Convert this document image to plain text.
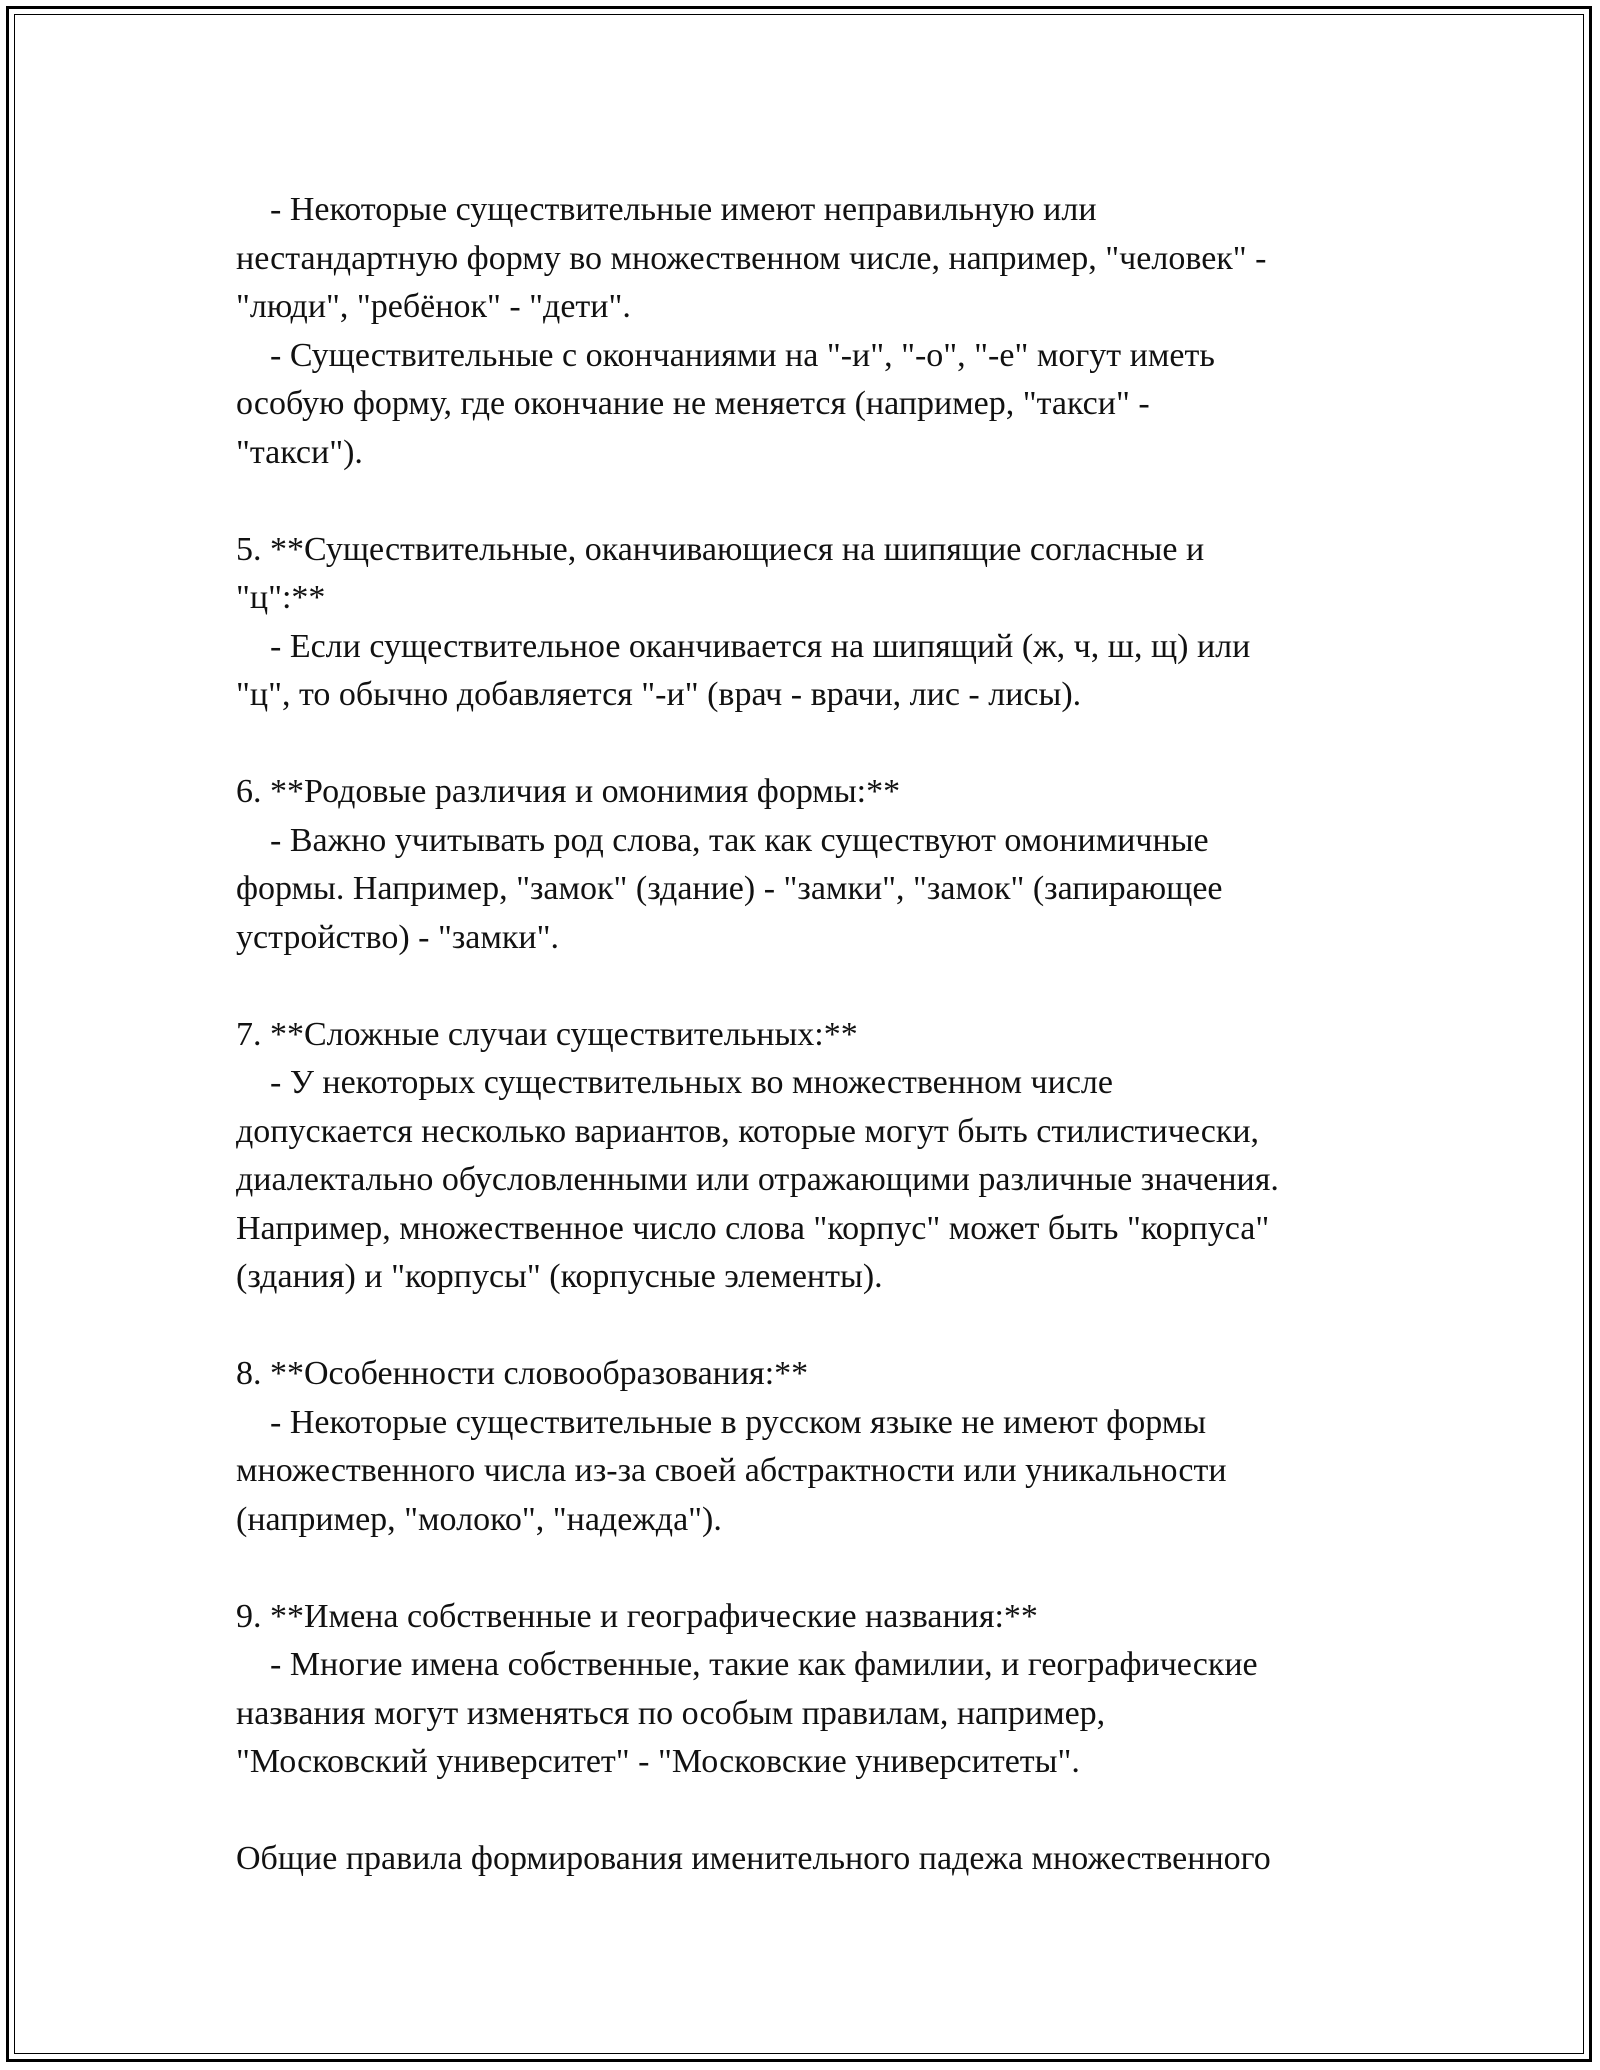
- Некоторые существительные имеют неправильную или
нестандартную форму во множественном числе, например, "человек" -
"люди", "ребёнок" - "дети".
- Существительные с окончаниями на "-и", "-о", "-е" могут иметь
особую форму, где окончание не меняется (например, "такси" -
"такси").
5. **Существительные, оканчивающиеся на шипящие согласные и
"ц":**
- Если существительное оканчивается на шипящий (ж, ч, ш, щ) или
"ц", то обычно добавляется "-и" (врач - врачи, лис - лисы).
6. **Родовые различия и омонимия формы:**
- Важно учитывать род слова, так как существуют омонимичные
формы. Например, "замок" (здание) - "замки", "замок" (запирающее
устройство) - "замки".
7. **Сложные случаи существительных:**
- У некоторых существительных во множественном числе
допускается несколько вариантов, которые могут быть стилистически,
диалектально обусловленными или отражающими различные значения.
Например, множественное число слова "корпус" может быть "корпуса"
(здания) и "корпусы" (корпусные элементы).
8. **Особенности словообразования:**
- Некоторые существительные в русском языке не имеют формы
множественного числа из-за своей абстрактности или уникальности
(например, "молоко", "надежда").
9. **Имена собственные и географические названия:**
- Многие имена собственные, такие как фамилии, и географические
названия могут изменяться по особым правилам, например,
"Московский университет" - "Московские университеты".
Общие правила формирования именительного падежа множественного
